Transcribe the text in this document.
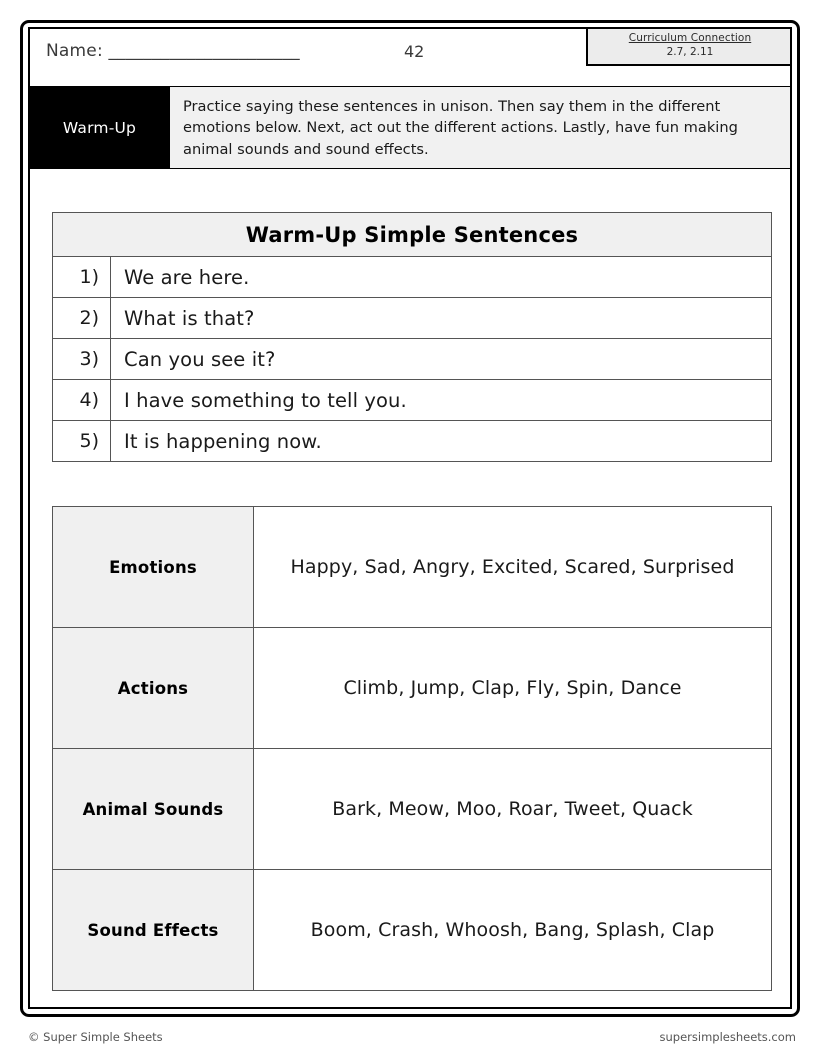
Name: ______________________	42
Curriculum Connection
2.7, 2.11
Warm-Up
Practice saying these sentences in unison. Then say them in the different emotions below. Next, act out the different actions. Lastly, have fun making animal sounds and sound effects.
Warm-Up Simple Sentences	
1)	We are here.
2)	What is that?
3)	Can you see it?
4)	I have something to tell you.
5)	It is happening now.
Emotions	Happy, Sad, Angry, Excited, Scared, Surprised
Actions	Climb, Jump, Clap, Fly, Spin, Dance
Animal Sounds	Bark, Meow, Moo, Roar, Tweet, Quack
Sound Effects	Boom, Crash, Whoosh, Bang, Splash, Clap
© Super Simple Sheets	supersimplesheets.com
